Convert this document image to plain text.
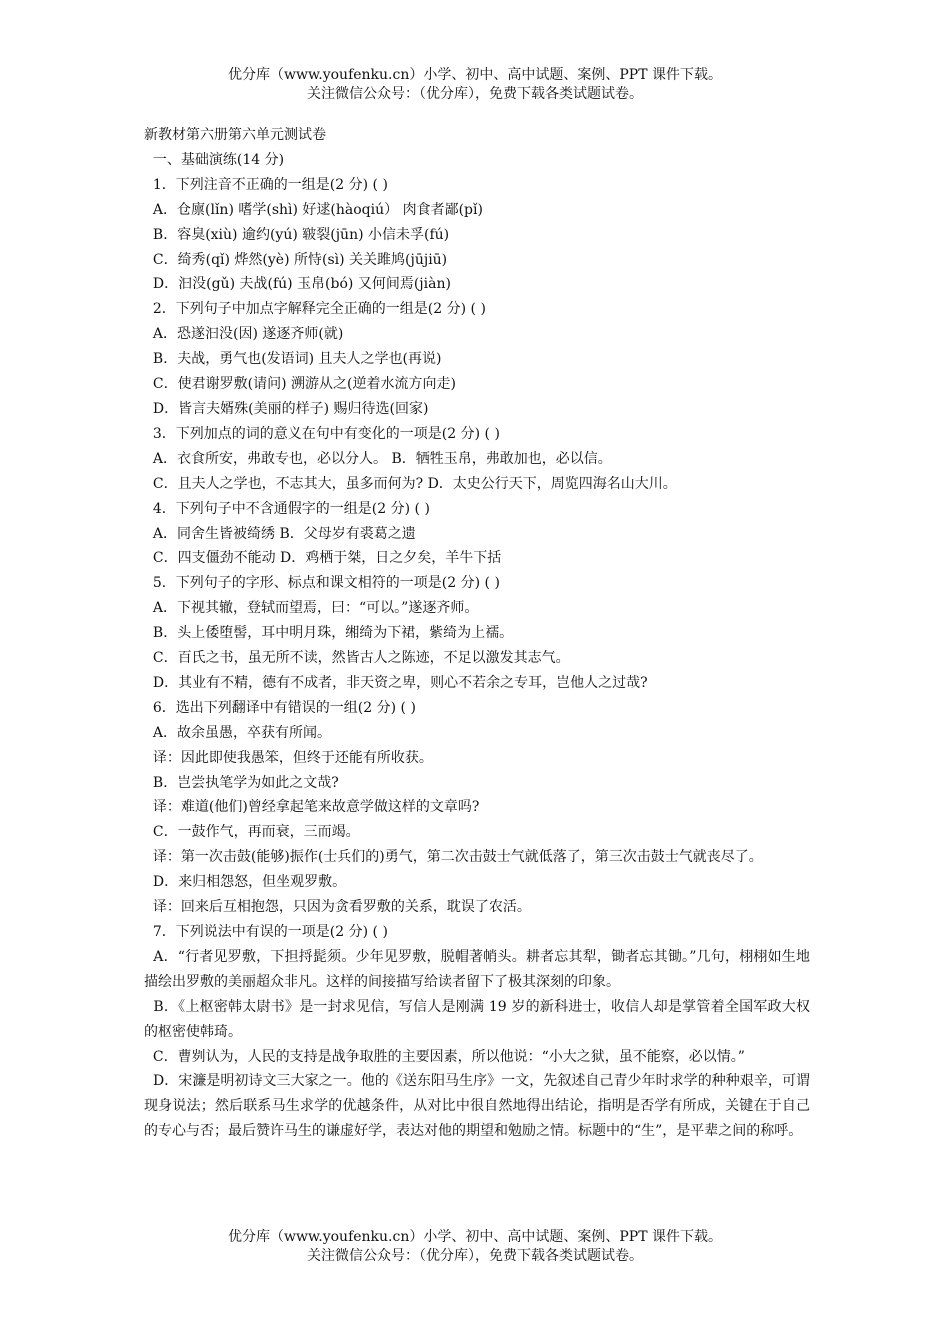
优分库（www.youfenku.cn）小学、初中、高中试题、案例、PPT 课件下载。
关注微信公众号：（优分库），免费下载各类试题试卷。
新教材第六册第六单元测试卷
一、基础演练(14 分)
1．下列注音不正确的一组是(2 分) ( )
A．仓廪(lǐn) 嗜学(shì) 好逑(hàoqiú） 肉食者鄙(pǐ)
B．容臭(xiù) 逾约(yú) 皲裂(jūn) 小信未孚(fú)
C．绮秀(qǐ) 烨然(yè) 所恃(sì) 关关雎鸠(jūjiū)
D．汩没(gǔ) 夫战(fú) 玉帛(bó) 又何间焉(jiàn)
2．下列句子中加点字解释完全正确的一组是(2 分) ( )
A．恐遂汩没(因) 遂逐齐师(就)
B．夫战，勇气也(发语词) 且夫人之学也(再说)
C．使君谢罗敷(请问) 溯游从之(逆着水流方向走)
D．皆言夫婿殊(美丽的样子) 赐归待选(回家)
3．下列加点的词的意义在句中有变化的一项是(2 分) ( )
A．衣食所安，弗敢专也，必以分人。 B．牺牲玉帛，弗敢加也，必以信。
C．且夫人之学也，不志其大，虽多而何为? D．太史公行天下，周览四海名山大川。
4．下列句子中不含通假字的一组是(2 分) ( )
A．同舍生皆被绮绣 B．父母岁有裘葛之遗
C．四支僵劲不能动 D．鸡栖于桀，日之夕矣，羊牛下括
5．下列句子的字形、标点和课文相符的一项是(2 分) ( )
A．下视其辙，登轼而望焉，曰：“可以。”遂逐齐师。
B．头上倭堕髻，耳中明月珠，缃绮为下裙，紫绮为上襦。
C．百氏之书，虽无所不读，然皆古人之陈迹，不足以激发其志气。
D．其业有不精，德有不成者，非天资之卑，则心不若余之专耳，岂他人之过哉?
6．选出下列翻译中有错误的一组(2 分) ( )
A．故余虽愚，卒获有所闻。
译：因此即使我愚笨，但终于还能有所收获。
B．岂尝执笔学为如此之文哉?
译：难道(他们)曾经拿起笔来故意学做这样的文章吗?
C．一鼓作气，再而衰，三而竭。
译：第一次击鼓(能够)振作(士兵们的)勇气，第二次击鼓士气就低落了，第三次击鼓士气就丧尽了。
D．来归相怨怒，但坐观罗敷。
译：回来后互相抱怨，只因为贪看罗敷的关系，耽误了农活。
7．下列说法中有误的一项是(2 分) ( )
A．“行者见罗敷，下担捋髭须。少年见罗敷，脱帽著帩头。耕者忘其犁，锄者忘其锄。”几句，栩栩如生地描绘出罗敷的美丽超众非凡。这样的间接描写给读者留下了极其深刻的印象。
B．《上枢密韩太尉书》是一封求见信，写信人是刚满 19 岁的新科进士，收信人却是掌管着全国军政大权的枢密使韩琦。
C．曹刿认为，人民的支持是战争取胜的主要因素，所以他说：“小大之狱，虽不能察，必以情。”
D．宋濂是明初诗文三大家之一。他的《送东阳马生序》一文，先叙述自己青少年时求学的种种艰辛，可谓现身说法；然后联系马生求学的优越条件，从对比中很自然地得出结论，指明是否学有所成，关键在于自己的专心与否；最后赞许马生的谦虚好学，表达对他的期望和勉励之情。标题中的“生”，是平辈之间的称呼。
优分库（www.youfenku.cn）小学、初中、高中试题、案例、PPT 课件下载。
关注微信公众号：（优分库），免费下载各类试题试卷。
